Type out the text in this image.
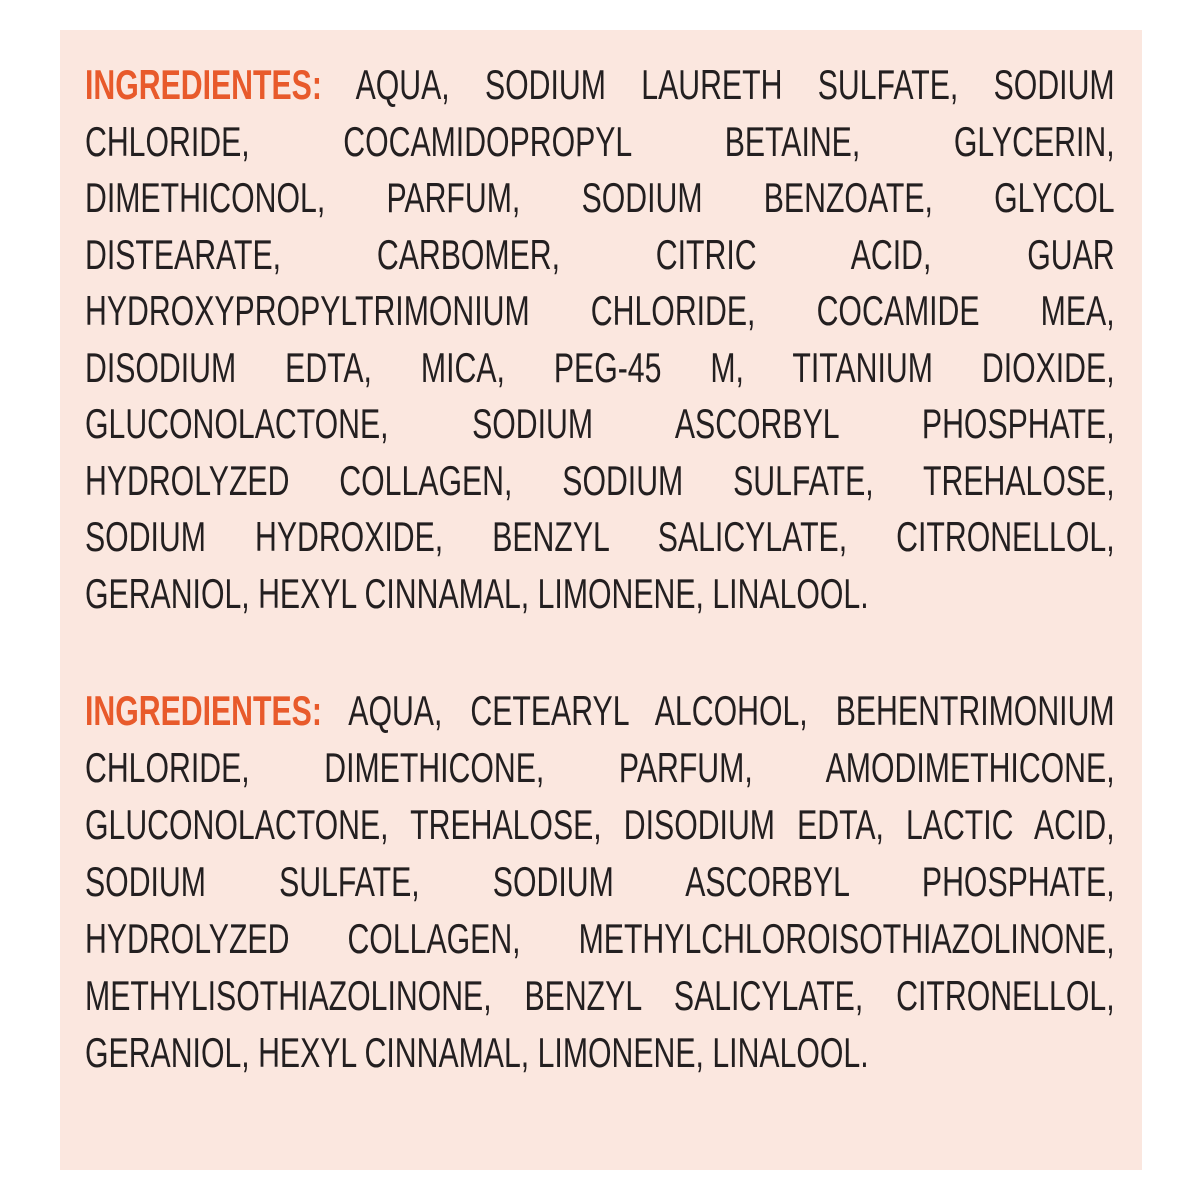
INGREDIENTES: AQUA, SODIUM LAURETH SULFATE, SODIUM
CHLORIDE, COCAMIDOPROPYL BETAINE, GLYCERIN,
DIMETHICONOL, PARFUM, SODIUM BENZOATE, GLYCOL
DISTEARATE, CARBOMER, CITRIC ACID, GUAR
HYDROXYPROPYLTRIMONIUM CHLORIDE, COCAMIDE MEA,
DISODIUM EDTA, MICA, PEG-45 M, TITANIUM DIOXIDE,
GLUCONOLACTONE, SODIUM ASCORBYL PHOSPHATE,
HYDROLYZED COLLAGEN, SODIUM SULFATE, TREHALOSE,
SODIUM HYDROXIDE, BENZYL SALICYLATE, CITRONELLOL,
GERANIOL, HEXYL CINNAMAL, LIMONENE, LINALOOL.
INGREDIENTES: AQUA, CETEARYL ALCOHOL, BEHENTRIMONIUM
CHLORIDE, DIMETHICONE, PARFUM, AMODIMETHICONE,
GLUCONOLACTONE, TREHALOSE, DISODIUM EDTA, LACTIC ACID,
SODIUM SULFATE, SODIUM ASCORBYL PHOSPHATE,
HYDROLYZED COLLAGEN, METHYLCHLOROISOTHIAZOLINONE,
METHYLISOTHIAZOLINONE, BENZYL SALICYLATE, CITRONELLOL,
GERANIOL, HEXYL CINNAMAL, LIMONENE, LINALOOL.
